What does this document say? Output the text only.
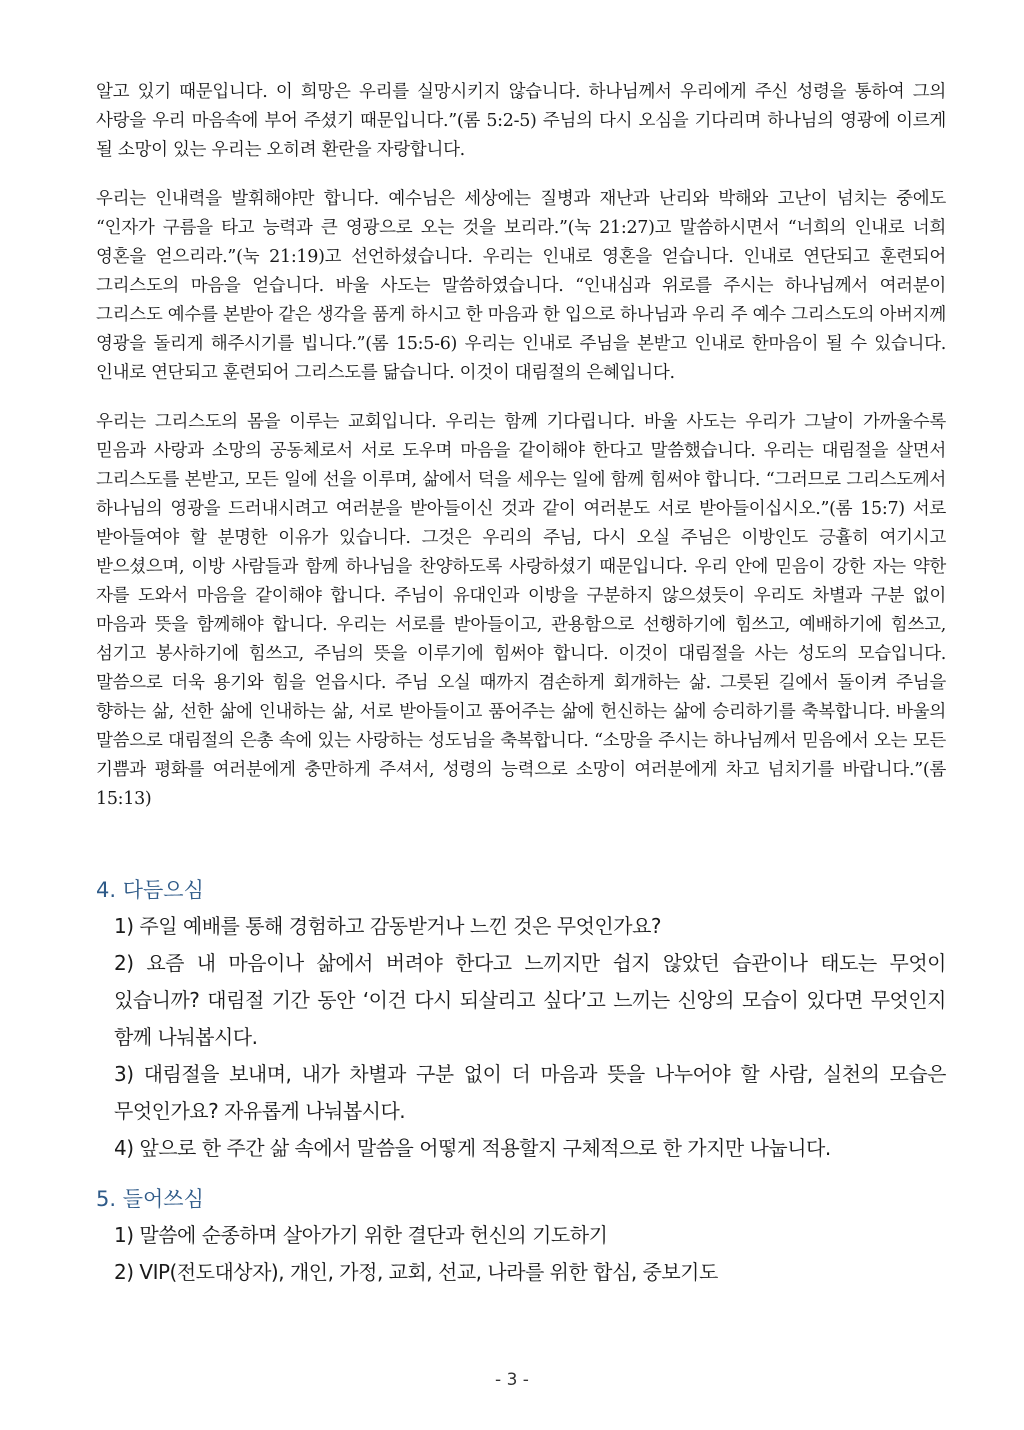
알고 있기 때문입니다. 이 희망은 우리를 실망시키지 않습니다. 하나님께서 우리에게 주신 성령을 통하여 그의 사랑을 우리 마음속에 부어 주셨기 때문입니다.”(롬 5:2-5) 주님의 다시 오심을 기다리며 하나님의 영광에 이르게 될 소망이 있는 우리는 오히려 환란을 자랑합니다.

우리는 인내력을 발휘해야만 합니다. 예수님은 세상에는 질병과 재난과 난리와 박해와 고난이 넘치는 중에도 “인자가 구름을 타고 능력과 큰 영광으로 오는 것을 보리라.”(눅 21:27)고 말씀하시면서 “너희의 인내로 너희 영혼을 얻으리라.”(눅 21:19)고 선언하셨습니다. 우리는 인내로 영혼을 얻습니다. 인내로 연단되고 훈련되어 그리스도의 마음을 얻습니다. 바울 사도는 말씀하였습니다. “인내심과 위로를 주시는 하나님께서 여러분이 그리스도 예수를 본받아 같은 생각을 품게 하시고 한 마음과 한 입으로 하나님과 우리 주 예수 그리스도의 아버지께 영광을 돌리게 해주시기를 빕니다.”(롬 15:5-6) 우리는 인내로 주님을 본받고 인내로 한마음이 될 수 있습니다. 인내로 연단되고 훈련되어 그리스도를 닮습니다. 이것이 대림절의 은혜입니다.

우리는 그리스도의 몸을 이루는 교회입니다. 우리는 함께 기다립니다. 바울 사도는 우리가 그날이 가까울수록 믿음과 사랑과 소망의 공동체로서 서로 도우며 마음을 같이해야 한다고 말씀했습니다. 우리는 대림절을 살면서 그리스도를 본받고, 모든 일에 선을 이루며, 삶에서 덕을 세우는 일에 함께 힘써야 합니다. “그러므로 그리스도께서 하나님의 영광을 드러내시려고 여러분을 받아들이신 것과 같이 여러분도 서로 받아들이십시오.”(롬 15:7) 서로 받아들여야 할 분명한 이유가 있습니다. 그것은 우리의 주님, 다시 오실 주님은 이방인도 긍휼히 여기시고 받으셨으며, 이방 사람들과 함께 하나님을 찬양하도록 사랑하셨기 때문입니다. 우리 안에 믿음이 강한 자는 약한 자를 도와서 마음을 같이해야 합니다. 주님이 유대인과 이방을 구분하지 않으셨듯이 우리도 차별과 구분 없이 마음과 뜻을 함께해야 합니다. 우리는 서로를 받아들이고, 관용함으로 선행하기에 힘쓰고, 예배하기에 힘쓰고, 섬기고 봉사하기에 힘쓰고, 주님의 뜻을 이루기에 힘써야 합니다. 이것이 대림절을 사는 성도의 모습입니다. 말씀으로 더욱 용기와 힘을 얻읍시다. 주님 오실 때까지 겸손하게 회개하는 삶. 그릇된 길에서 돌이켜 주님을 향하는 삶, 선한 삶에 인내하는 삶, 서로 받아들이고 품어주는 삶에 헌신하는 삶에 승리하기를 축복합니다. 바울의 말씀으로 대림절의 은총 속에 있는 사랑하는 성도님을 축복합니다. “소망을 주시는 하나님께서 믿음에서 오는 모든 기쁨과 평화를 여러분에게 충만하게 주셔서, 성령의 능력으로 소망이 여러분에게 차고 넘치기를 바랍니다.”(롬 15:13)

4. 다듬으심
1) 주일 예배를 통해 경험하고 감동받거나 느낀 것은 무엇인가요?
2) 요즘 내 마음이나 삶에서 버려야 한다고 느끼지만 쉽지 않았던 습관이나 태도는 무엇이 있습니까? 대림절 기간 동안 ‘이건 다시 되살리고 싶다’고 느끼는 신앙의 모습이 있다면 무엇인지 함께 나눠봅시다.
3) 대림절을 보내며, 내가 차별과 구분 없이 더 마음과 뜻을 나누어야 할 사람, 실천의 모습은 무엇인가요? 자유롭게 나눠봅시다.
4) 앞으로 한 주간 삶 속에서 말씀을 어떻게 적용할지 구체적으로 한 가지만 나눕니다.
5. 들어쓰심
1) 말씀에 순종하며 살아가기 위한 결단과 헌신의 기도하기
2) VIP(전도대상자), 개인, 가정, 교회, 선교, 나라를 위한 합심, 중보기도
- 3 -
